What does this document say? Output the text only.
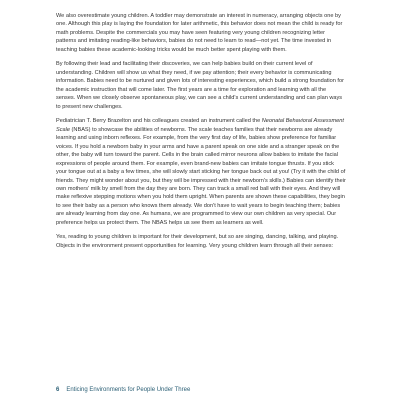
We also overestimate young children. A toddler may demonstrate an interest in numeracy, arranging objects one by one. Although this play is laying the foundation for later arithmetic, this behavior does not mean the child is ready for math problems. Despite the commercials you may have seen featuring very young children recognizing letter patterns and imitating reading-like behaviors, babies do not need to learn to read—not yet. The time invested in teaching babies these academic-looking tricks would be much better spent playing with them.

By following their lead and facilitating their discoveries, we can help babies build on their current level of understanding. Children will show us what they need, if we pay attention; their every behavior is communicating information. Babies need to be nurtured and given lots of interesting experiences, which build a strong foundation for the academic instruction that will come later. The first years are a time for exploration and learning with all the senses. When we closely observe spontaneous play, we can see a child's current understanding and can plan ways to present new challenges.

Pediatrician T. Berry Brazelton and his colleagues created an instrument called the Neonatal Behavioral Assessment Scale (NBAS) to showcase the abilities of newborns. The scale teaches families that their newborns are already learning and using inborn reflexes. For example, from the very first day of life, babies show preference for familiar voices. If you hold a newborn baby in your arms and have a parent speak on one side and a stranger speak on the other, the baby will turn toward the parent. Cells in the brain called mirror neurons allow babies to imitate the facial expressions of people around them. For example, even brand-new babies can imitate tongue thrusts. If you stick your tongue out at a baby a few times, she will slowly start sticking her tongue back out at you! (Try it with the child of friends. They might wonder about you, but they will be impressed with their newborn's skills.) Babies can identify their own mothers' milk by smell from the day they are born. They can track a small red ball with their eyes. And they will make reflexive stepping motions when you hold them upright. When parents are shown these capabilities, they begin to see their baby as a person who knows them already. We don't have to wait years to begin teaching them; babies are already learning from day one. As humans, we are programmed to view our own children as very special. Our preference helps us protect them. The NBAS helps us see them as learners as well.

Yes, reading to young children is important for their development, but so are singing, dancing, talking, and playing. Objects in the environment present opportunities for learning. Very young children learn through all their senses:

6 Enticing Environments for People Under Three
